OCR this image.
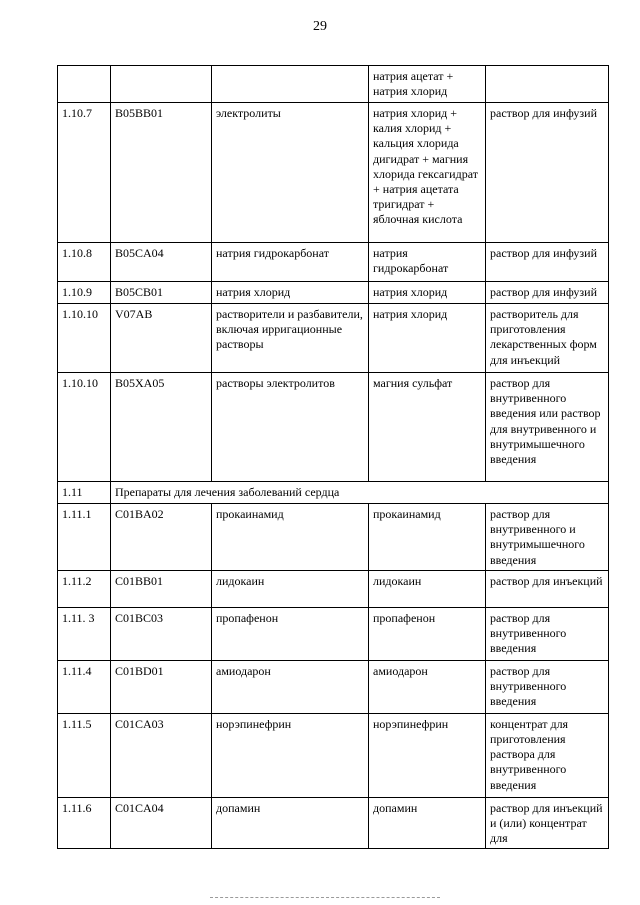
29
			натрия ацетат + натрия хлорид	
1.10.7	B05BB01	электролиты	натрия хлорид + калия хлорид + кальция хлорида дигидрат + магния хлорида гексагидрат + натрия ацетата тригидрат + яблочная кислота	раствор для инфузий
1.10.8	B05CA04	натрия гидрокарбонат	натрия гидрокарбонат	раствор для инфузий
1.10.9	B05CB01	натрия хлорид	натрия хлорид	раствор для инфузий
1.10.10	V07AB	растворители и разбавители, включая ирригационные растворы	натрия хлорид	растворитель для приготовления лекарственных форм для инъекций
1.10.10	B05XA05	растворы электролитов	магния сульфат	раствор для внутривенного введения или раствор для внутривенного и внутримышечного введения
1.11	Препараты для лечения заболеваний сердца			
1.11.1	C01BA02	прокаинамид	прокаинамид	раствор для внутривенного и внутримышечного введения
1.11.2	C01BB01	лидокаин	лидокаин	раствор для инъекций
1.11. 3	C01BC03	пропафенон	пропафенон	раствор для внутривенного введения
1.11.4	C01BD01	амиодарон	амиодарон	раствор для внутривенного введения
1.11.5	C01CA03	норэпинефрин	норэпинефрин	концентрат для приготовления раствора для внутривенного введения
1.11.6	C01CA04	допамин	допамин	раствор для инъекций и (или) концентрат для
